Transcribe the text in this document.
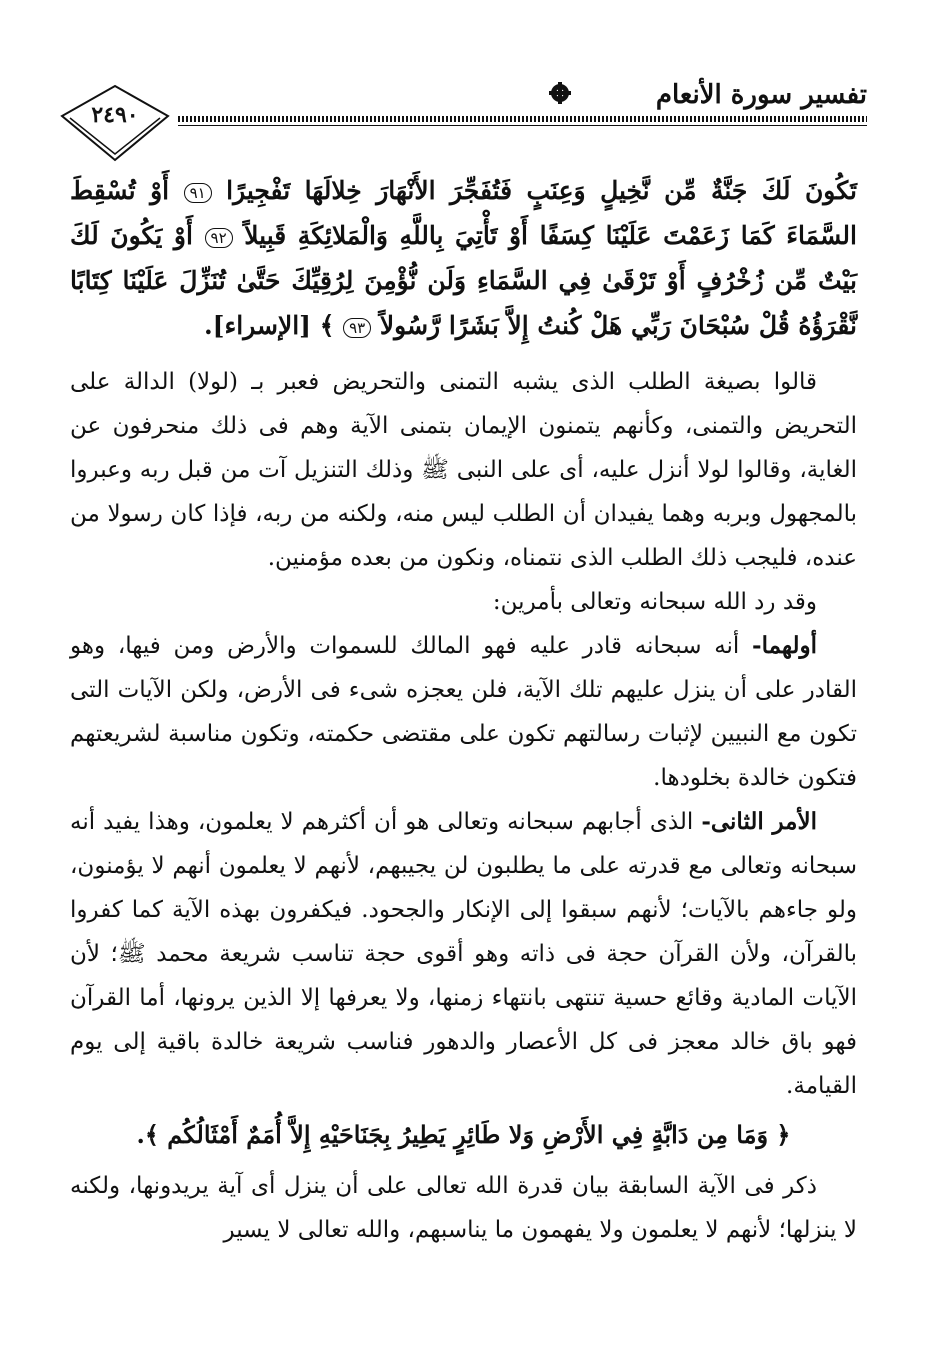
تفسير سورة الأنعام
٢٤٩٠
تَكُونَ لَكَ جَنَّةٌ مِّن نَّخِيلٍ وَعِنَبٍ فَتُفَجِّرَ الأَنْهَارَ خِلالَهَا تَفْجِيرًا ٩١ أَوْ تُسْقِطَ السَّمَاءَ كَمَا زَعَمْتَ عَلَيْنَا كِسَفًا أَوْ تَأْتِيَ بِاللَّهِ وَالْمَلائِكَةِ قَبِيلاً ٩٢ أَوْ يَكُونَ لَكَ بَيْتٌ مِّن زُخْرُفٍ أَوْ تَرْقَىٰ فِي السَّمَاءِ وَلَن نُّؤْمِنَ لِرُقِيِّكَ حَتَّىٰ تُنَزِّلَ عَلَيْنَا كِتَابًا نَّقْرَؤُهُ قُلْ سُبْحَانَ رَبِّي هَلْ كُنتُ إِلاَّ بَشَرًا رَّسُولاً ٩٣ ﴾ [الإسراء].

قالوا بصيغة الطلب الذى يشبه التمنى والتحريض فعبر بـ (لولا) الدالة على التحريض والتمنى، وكأنهم يتمنون الإيمان بتمنى الآية وهم فى ذلك منحرفون عن الغاية، وقالوا لولا أنزل عليه، أى على النبى ﷺ وذلك التنزيل آت من قبل ربه وعبروا بالمجهول وبربه وهما يفيدان أن الطلب ليس منه، ولكنه من ربه، فإذا كان رسولا من عنده، فليجب ذلك الطلب الذى نتمناه، ونكون من بعده مؤمنين.

وقد رد الله سبحانه وتعالى بأمرين:

أولهما- أنه سبحانه قادر عليه فهو المالك للسموات والأرض ومن فيها، وهو القادر على أن ينزل عليهم تلك الآية، فلن يعجزه شىء فى الأرض، ولكن الآيات التى تكون مع النبيين لإثبات رسالتهم تكون على مقتضى حكمته، وتكون مناسبة لشريعتهم فتكون خالدة بخلودها.

الأمر الثانى- الذى أجابهم سبحانه وتعالى هو أن أكثرهم لا يعلمون، وهذا يفيد أنه سبحانه وتعالى مع قدرته على ما يطلبون لن يجيبهم، لأنهم لا يعلمون أنهم لا يؤمنون، ولو جاءهم بالآيات؛ لأنهم سبقوا إلى الإنكار والجحود. فيكفرون بهذه الآية كما كفروا بالقرآن، ولأن القرآن حجة فى ذاته وهو أقوى حجة تناسب شريعة محمد ﷺ؛ لأن الآيات المادية وقائع حسية تنتهى بانتهاء زمنها، ولا يعرفها إلا الذين يرونها، أما القرآن فهو باق خالد معجز فى كل الأعصار والدهور فناسب شريعة خالدة باقية إلى يوم القيامة.

﴿ وَمَا مِن دَابَّةٍ فِي الأَرْضِ وَلا طَائِرٍ يَطِيرُ بِجَنَاحَيْهِ إِلاَّ أُمَمٌ أَمْثَالُكُم ﴾.

ذكر فى الآية السابقة بيان قدرة الله تعالى على أن ينزل أى آية يريدونها، ولكنه لا ينزلها؛ لأنهم لا يعلمون ولا يفهمون ما يناسبهم، والله تعالى لا يسير
